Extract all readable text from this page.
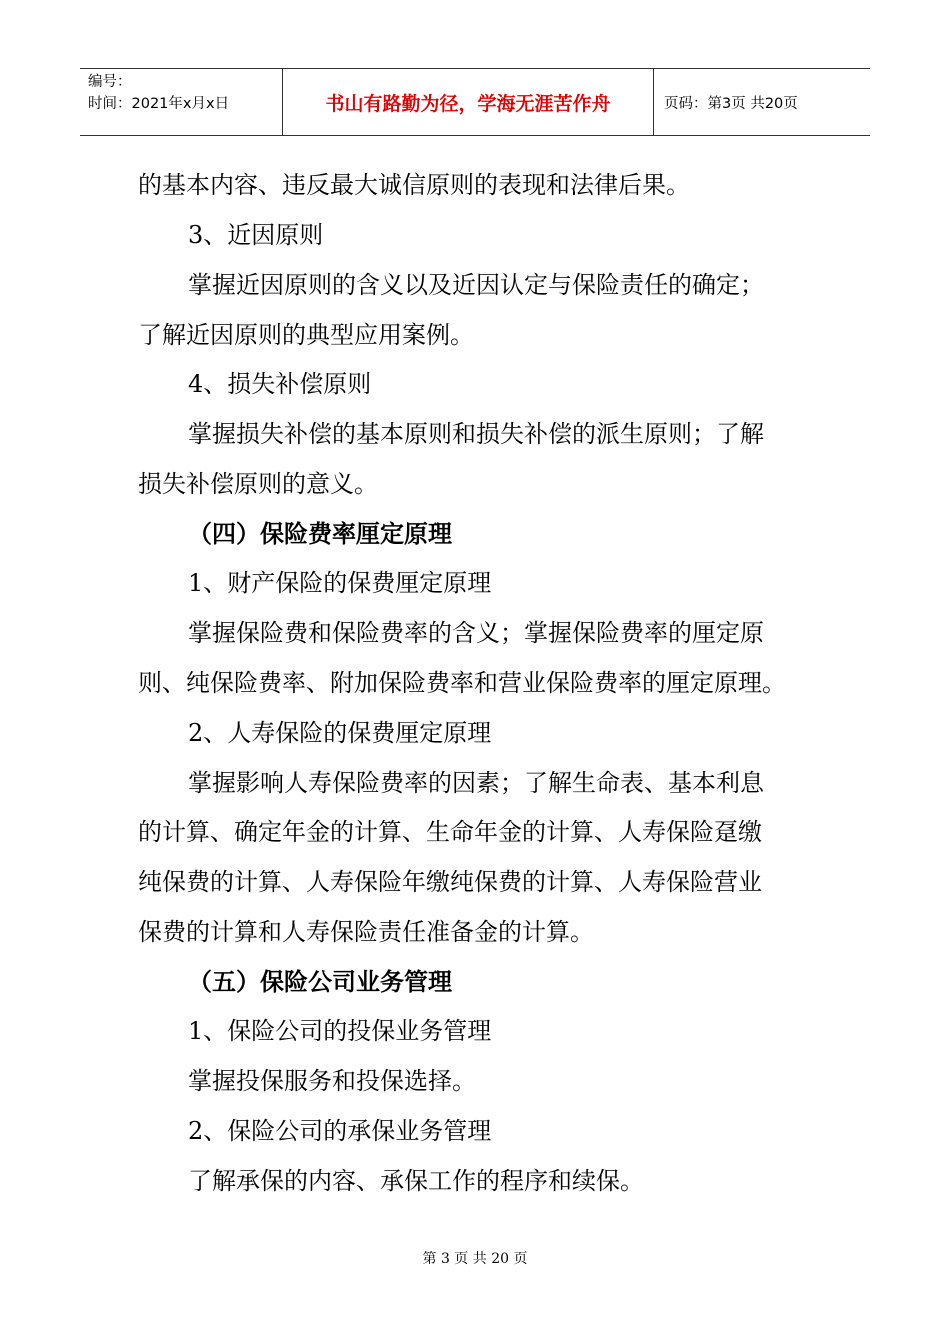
编号：
时间：2021年x月x日	书山有路勤为径，学海无涯苦作舟	页码：第3页 共20页
的基本内容、违反最大诚信原则的表现和法律后果。
3、近因原则
掌握近因原则的含义以及近因认定与保险责任的确定；
了解近因原则的典型应用案例。
4、损失补偿原则
掌握损失补偿的基本原则和损失补偿的派生原则；了解
损失补偿原则的意义。
（四）保险费率厘定原理
1、财产保险的保费厘定原理
掌握保险费和保险费率的含义；掌握保险费率的厘定原
则、纯保险费率、附加保险费率和营业保险费率的厘定原理。
2、人寿保险的保费厘定原理
掌握影响人寿保险费率的因素；了解生命表、基本利息
的计算、确定年金的计算、生命年金的计算、人寿保险趸缴
纯保费的计算、人寿保险年缴纯保费的计算、人寿保险营业
保费的计算和人寿保险责任准备金的计算。
（五）保险公司业务管理
1、保险公司的投保业务管理
掌握投保服务和投保选择。
2、保险公司的承保业务管理
了解承保的内容、承保工作的程序和续保。
第 3 页 共 20 页
